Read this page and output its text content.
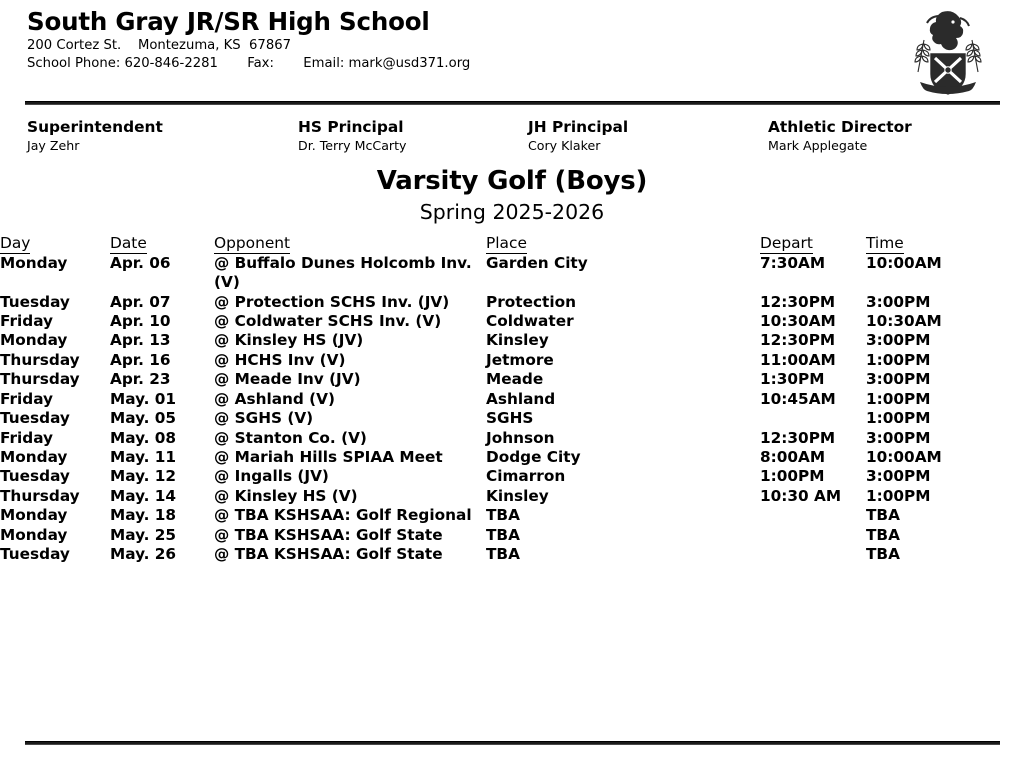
South Gray JR/SR High School
200 Cortez St.    Montezuma, KS  67867
School Phone: 620-846-2281       Fax:       Email: mark@usd371.org
Superintendent
Jay Zehr
HS Principal
Dr. Terry McCarty
JH Principal
Cory Klaker
Athletic Director
Mark Applegate
Varsity Golf (Boys)
Spring 2025-2026
Day	Date	Opponent	Place	Depart	Time
Monday	Apr. 06	@ Buffalo Dunes Holcomb Inv.(V)	Garden City	7:30AM	10:00AM
Tuesday	Apr. 07	@ Protection SCHS Inv. (JV)	Protection	12:30PM	3:00PM
Friday	Apr. 10	@ Coldwater SCHS Inv. (V)	Coldwater	10:30AM	10:30AM
Monday	Apr. 13	@ Kinsley HS (JV)	Kinsley	12:30PM	3:00PM
Thursday	Apr. 16	@ HCHS Inv (V)	Jetmore	11:00AM	1:00PM
Thursday	Apr. 23	@ Meade Inv (JV)	Meade	1:30PM	3:00PM
Friday	May. 01	@ Ashland (V)	Ashland	10:45AM	1:00PM
Tuesday	May. 05	@ SGHS (V)	SGHS		1:00PM
Friday	May. 08	@ Stanton Co. (V)	Johnson	12:30PM	3:00PM
Monday	May. 11	@ Mariah Hills SPIAA Meet	Dodge City	8:00AM	10:00AM
Tuesday	May. 12	@ Ingalls (JV)	Cimarron	1:00PM	3:00PM
Thursday	May. 14	@ Kinsley HS (V)	Kinsley	10:30 AM	1:00PM
Monday	May. 18	@ TBA KSHSAA: Golf Regional	TBA		TBA
Monday	May. 25	@ TBA KSHSAA: Golf State	TBA		TBA
Tuesday	May. 26	@ TBA KSHSAA: Golf State	TBA		TBA
